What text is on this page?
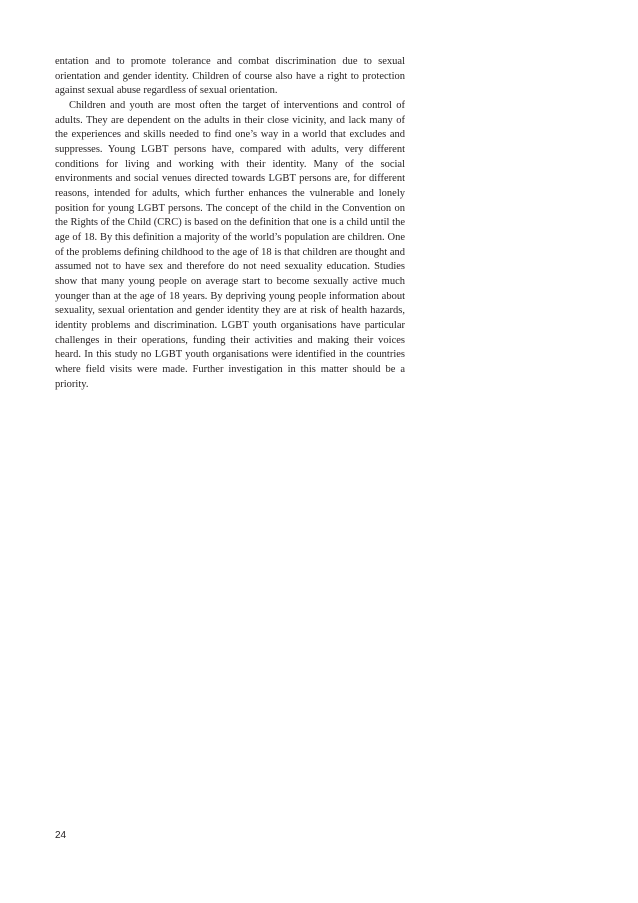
entation and to promote tolerance and combat discrimination due to sexual orientation and gender identity. Children of course also have a right to protection against sexual abuse regardless of sexual orientation.

Children and youth are most often the target of interventions and control of adults. They are dependent on the adults in their close vicinity, and lack many of the experiences and skills needed to find one’s way in a world that excludes and suppresses. Young LGBT persons have, compared with adults, very different conditions for living and working with their identity. Many of the social environments and social venues directed towards LGBT persons are, for different reasons, intended for adults, which further enhances the vulnerable and lonely position for young LGBT persons. The concept of the child in the Convention on the Rights of the Child (CRC) is based on the definition that one is a child until the age of 18. By this definition a majority of the world’s population are children. One of the problems defining childhood to the age of 18 is that children are thought and assumed not to have sex and therefore do not need sexuality education. Studies show that many young people on average start to become sexually active much younger than at the age of 18 years. By depriving young people information about sexuality, sexual orientation and gender identity they are at risk of health hazards, identity problems and discrimination. LGBT youth organisations have particular challenges in their operations, funding their activities and making their voices heard. In this study no LGBT youth organisations were identified in the countries where field visits were made. Further investigation in this matter should be a priority.

24
